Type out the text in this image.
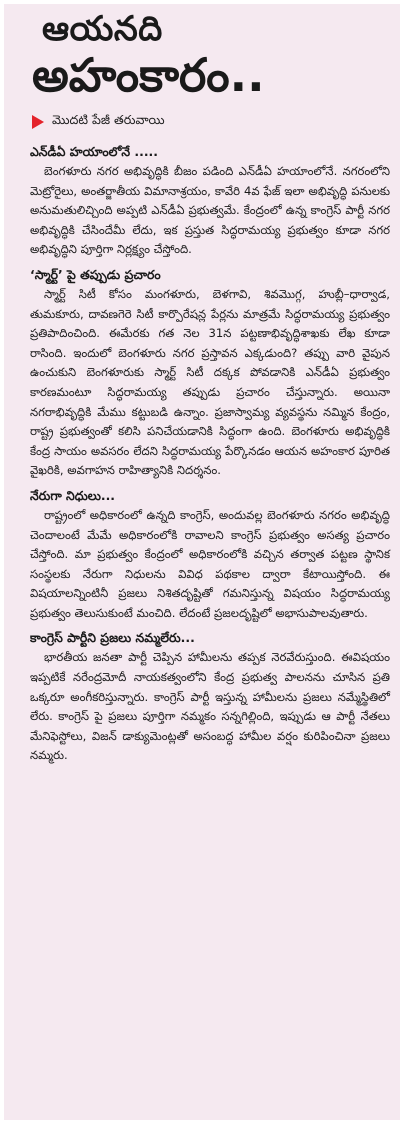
ఆయనది
అహంకారం..
మొదటి పేజీ తరువాయి
ఎన్‌డీఏ హయాంలోనే .....

బెంగళూరు నగర అభివృద్ధికి బీజం పడింది ఎన్‌డీఏ హయాంలోనే. నగరంలోని మెట్రోరైలు, అంతర్జాతీయ విమానాశ్రయం, కావేరి 4వ ఫేజ్‌ ఇలా అభివృద్ధి పనులకు అనుమతులిచ్చింది అప్పటి ఎన్‌డీఏ ప్రభుత్వమే. కేంద్రంలో ఉన్న కాంగ్రెస్‌ పార్టీ నగర అభివృద్ధికి చేసిందేమీ లేదు, ఇక ప్రస్తుత సిద్ధరామయ్య ప్రభుత్వం కూడా నగర అభివృద్ధిని పూర్తిగా నిర్లక్ష్యం చేస్తోంది.

‘స్మార్ట్‌’ పై తప్పుడు ప్రచారం

స్మార్ట్‌ సిటీ కోసం మంగళూరు, బెళగావి, శివమొగ్గ, హుబ్లీ–ధార్వాడ, తుమకూరు, దావణగెరె సిటీ కార్పొరేషన్ల పేర్లను మాత్రమే సిద్ధరామయ్య ప్రభుత్వం ప్రతిపాదించింది. ఈమేరకు గత నెల 31న పట్టణాభివృద్ధిశాఖకు లేఖ కూడా రాసింది. ఇందులో బెంగళూరు నగర ప్రస్తావన ఎక్కడుంది? తప్పు వారి వైపున ఉంచుకుని బెంగళూరుకు స్మార్ట్‌ సిటీ దక్కక పోవడానికి ఎన్‌డీఏ ప్రభుత్వం కారణమంటూ సిద్ధరామయ్య తప్పుడు ప్రచారం చేస్తున్నారు. అయినా నగరాభివృద్ధికి మేము కట్టుబడి ఉన్నాం. ప్రజాస్వామ్య వ్యవస్థను నమ్మిన కేంద్రం, రాష్ట్ర ప్రభుత్వంతో కలిసి పనిచేయడానికి సిద్ధంగా ఉంది. బెంగళూరు అభివృద్ధికి కేంద్ర సాయం అవసరం లేదని సిద్ధరామయ్య పేర్కొనడం ఆయన అహంకార పూరిత వైఖరికి, అవగాహన రాహిత్యానికి నిదర్శనం.

నేరుగా నిధులు...

రాష్ట్రంలో అధికారంలో ఉన్నది కాంగ్రెస్‌, అందువల్ల బెంగళూరు నగరం అభివృద్ధి చెందాలంటే మేమే అధికారంలోకి రావాలని కాంగ్రెస్‌ ప్రభుత్వం అసత్య ప్రచారం చేస్తోంది. మా ప్రభుత్వం కేంద్రంలో అధికారంలోకి వచ్చిన తర్వాత పట్టణ స్థానిక సంస్థలకు నేరుగా నిధులను వివిధ పథకాల ద్వారా కేటాయిస్తోంది. ఈ విషయాలన్నింటినీ ప్రజలు నిశితదృష్టితో గమనిస్తున్న విషయం సిద్ధరామయ్య ప్రభుత్వం తెలుసుకుంటే మంచిది. లేదంటే ప్రజలదృష్టిలో అభాసుపాలవుతారు.

కాంగ్రెస్‌ పార్టీని ప్రజలు నమ్మలేరు...

భారతీయ జనతా పార్టీ చెప్పిన హామీలను తప్పక నెరవేరుస్తుంది. ఈవిషయం ఇప్పటికే నరేంద్రమోదీ నాయకత్వంలోని కేంద్ర ప్రభుత్వ పాలనను చూసిన ప్రతి ఒక్కరూ అంగీకరిస్తున్నారు. కాంగ్రెస్‌ పార్టీ ఇస్తున్న హామీలను ప్రజలు నమ్మేస్థితిలో లేరు. కాంగ్రెస్‌ పై ప్రజలు పూర్తిగా నమ్మకం సన్నగిల్లింది, ఇప్పుడు ఆ పార్టీ నేతలు మేనిఫెస్టోలు, విజన్‌ డాక్యుమెంట్లతో అసంబద్ధ హామీల వర్షం కురిపించినా ప్రజలు నమ్మరు.
